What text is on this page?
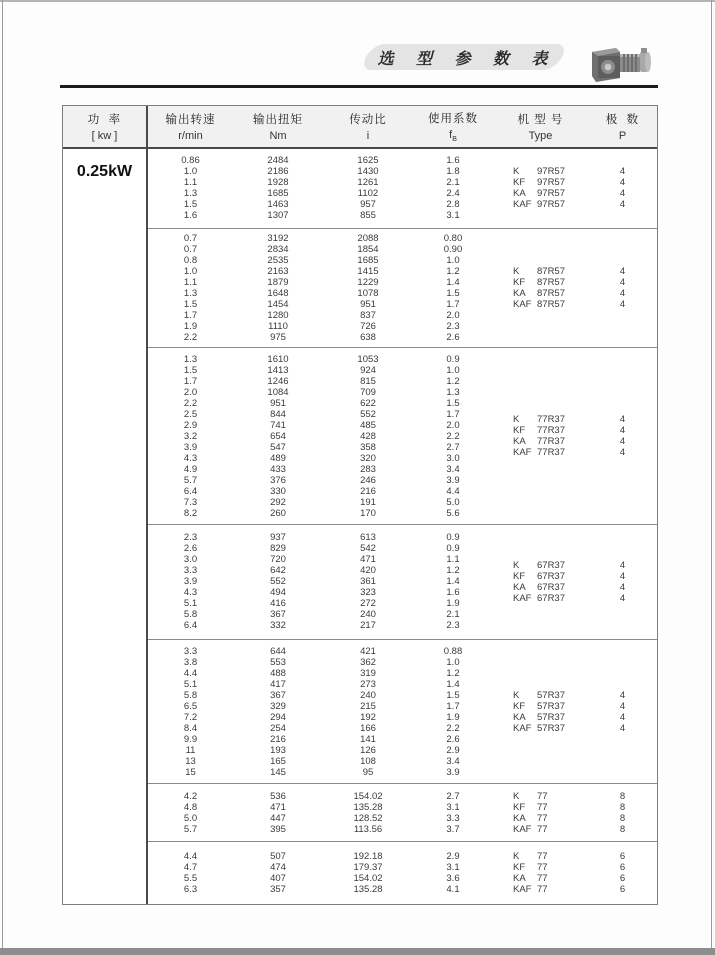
选 型 参 数 表
功  率
[ kw ]
输出转速
r/min
输出扭矩
Nm
传动比
i
使用系数
$f_B$
机 型 号
Type
极  数
P
0.25kW
0.86
1.0
1.1
1.3
1.5
1.6
2484
2186
1928
1685
1463
1307
1625
1430
1261
1102
957
855
1.6
1.8
2.1
2.4
2.8
3.1
K 97R57
KF 97R57
KA 97R57
KAF 97R57
4
4
4
4
0.7
0.7
0.8
1.0
1.1
1.3
1.5
1.7
1.9
2.2
3192
2834
2535
2163
1879
1648
1454
1280
1110
975
2088
1854
1685
1415
1229
1078
951
837
726
638
0.80
0.90
1.0
1.2
1.4
1.5
1.7
2.0
2.3
2.6
K 87R57
KF 87R57
KA 87R57
KAF 87R57
4
4
4
4
1.3
1.5
1.7
2.0
2.2
2.5
2.9
3.2
3.9
4.3
4.9
5.7
6.4
7.3
8.2
1610
1413
1246
1084
951
844
741
654
547
489
433
376
330
292
260
1053
924
815
709
622
552
485
428
358
320
283
246
216
191
170
0.9
1.0
1.2
1.3
1.5
1.7
2.0
2.2
2.7
3.0
3.4
3.9
4.4
5.0
5.6
K 77R37
KF 77R37
KA 77R37
KAF 77R37
4
4
4
4
2.3
2.6
3.0
3.3
3.9
4.3
5.1
5.8
6.4
937
829
720
642
552
494
416
367
332
613
542
471
420
361
323
272
240
217
0.9
0.9
1.1
1.2
1.4
1.6
1.9
2.1
2.3
K 67R37
KF 67R37
KA 67R37
KAF 67R37
4
4
4
4
3.3
3.8
4.4
5.1
5.8
6.5
7.2
8.4
9.9
11
13
15
644
553
488
417
367
329
294
254
216
193
165
145
421
362
319
273
240
215
192
166
141
126
108
95
0.88
1.0
1.2
1.4
1.5
1.7
1.9
2.2
2.6
2.9
3.4
3.9
K 57R37
KF 57R37
KA 57R37
KAF 57R37
4
4
4
4
4.2
4.8
5.0
5.7
536
471
447
395
154.02
135.28
128.52
113.56
2.7
3.1
3.3
3.7
K 77
KF 77
KA 77
KAF 77
8
8
8
8
4.4
4.7
5.5
6.3
507
474
407
357
192.18
179.37
154.02
135.28
2.9
3.1
3.6
4.1
K 77
KF 77
KA 77
KAF 77
6
6
6
6
